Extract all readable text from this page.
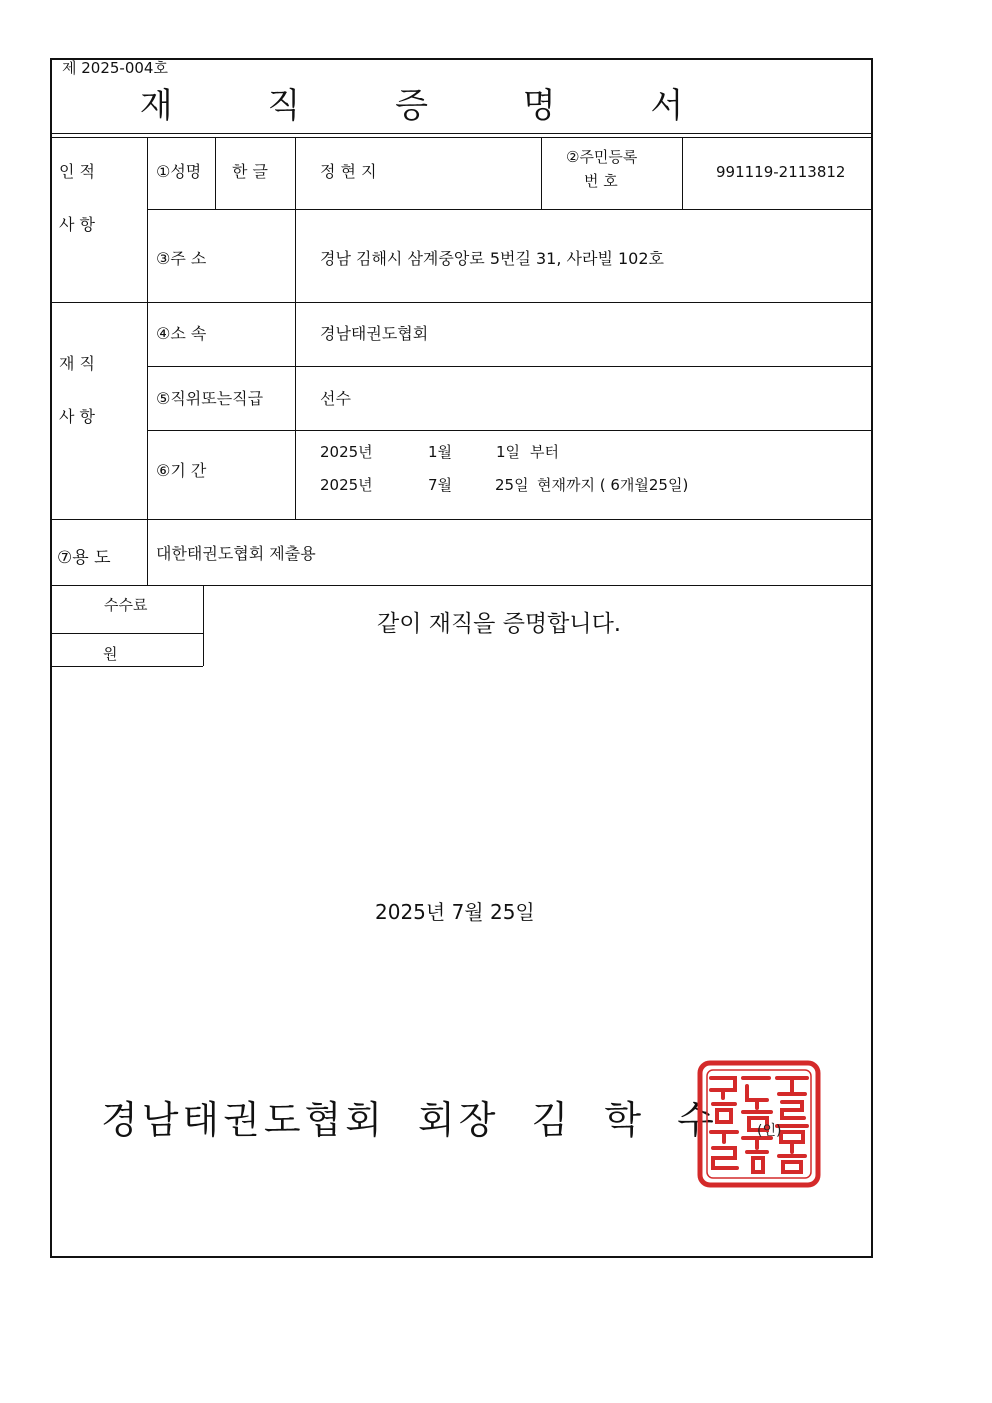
제 2025-004호
재 직 증 명 서
인 적
사 항
재 직
사 항
①성명 한 글	정 현 지
②주민등록
번 호	991119-2113812
③주 소	경남 김해시 삼계중앙로 5번길 31, 사라빌 102호
④소 속	경남태권도협회
⑤직위또는직급	선수
⑥기 간
2025년	1월	1일 부터
2025년	7월	25일 현재까지 ( 6개월25일)
⑦용 도	대한태권도협회 제출용
수수료
원
같이 재직을 증명합니다.
2025년 7월 25일
경남태권도협회 회장 김 학 수	(인)
